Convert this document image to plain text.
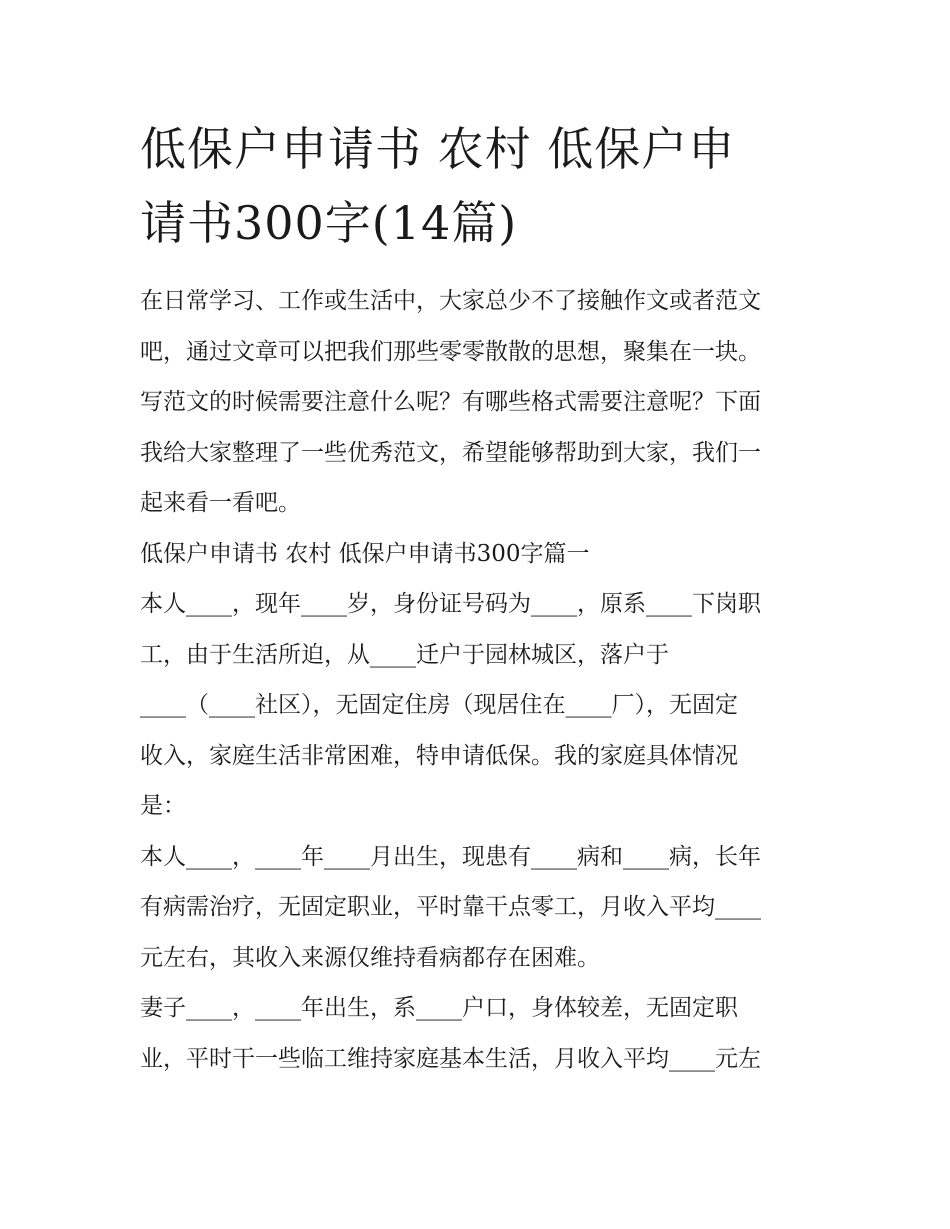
低保户申请书 农村 低保户申
请书300字(14篇)
在日常学习、工作或生活中，大家总少不了接触作文或者范文
吧，通过文章可以把我们那些零零散散的思想，聚集在一块。
写范文的时候需要注意什么呢？有哪些格式需要注意呢？下面
我给大家整理了一些优秀范文，希望能够帮助到大家，我们一
起来看一看吧。
低保户申请书 农村 低保户申请书300字篇一
本人____，现年____岁，身份证号码为____，原系____下岗职
工，由于生活所迫，从____迁户于园林城区，落户于
____（____社区），无固定住房（现居住在____厂），无固定
收入，家庭生活非常困难，特申请低保。我的家庭具体情况
是：
本人____，____年____月出生，现患有____病和____病，长年
有病需治疗，无固定职业，平时靠干点零工，月收入平均____
元左右，其收入来源仅维持看病都存在困难。
妻子____，____年出生，系____户口，身体较差，无固定职
业，平时干一些临工维持家庭基本生活，月收入平均____元左
